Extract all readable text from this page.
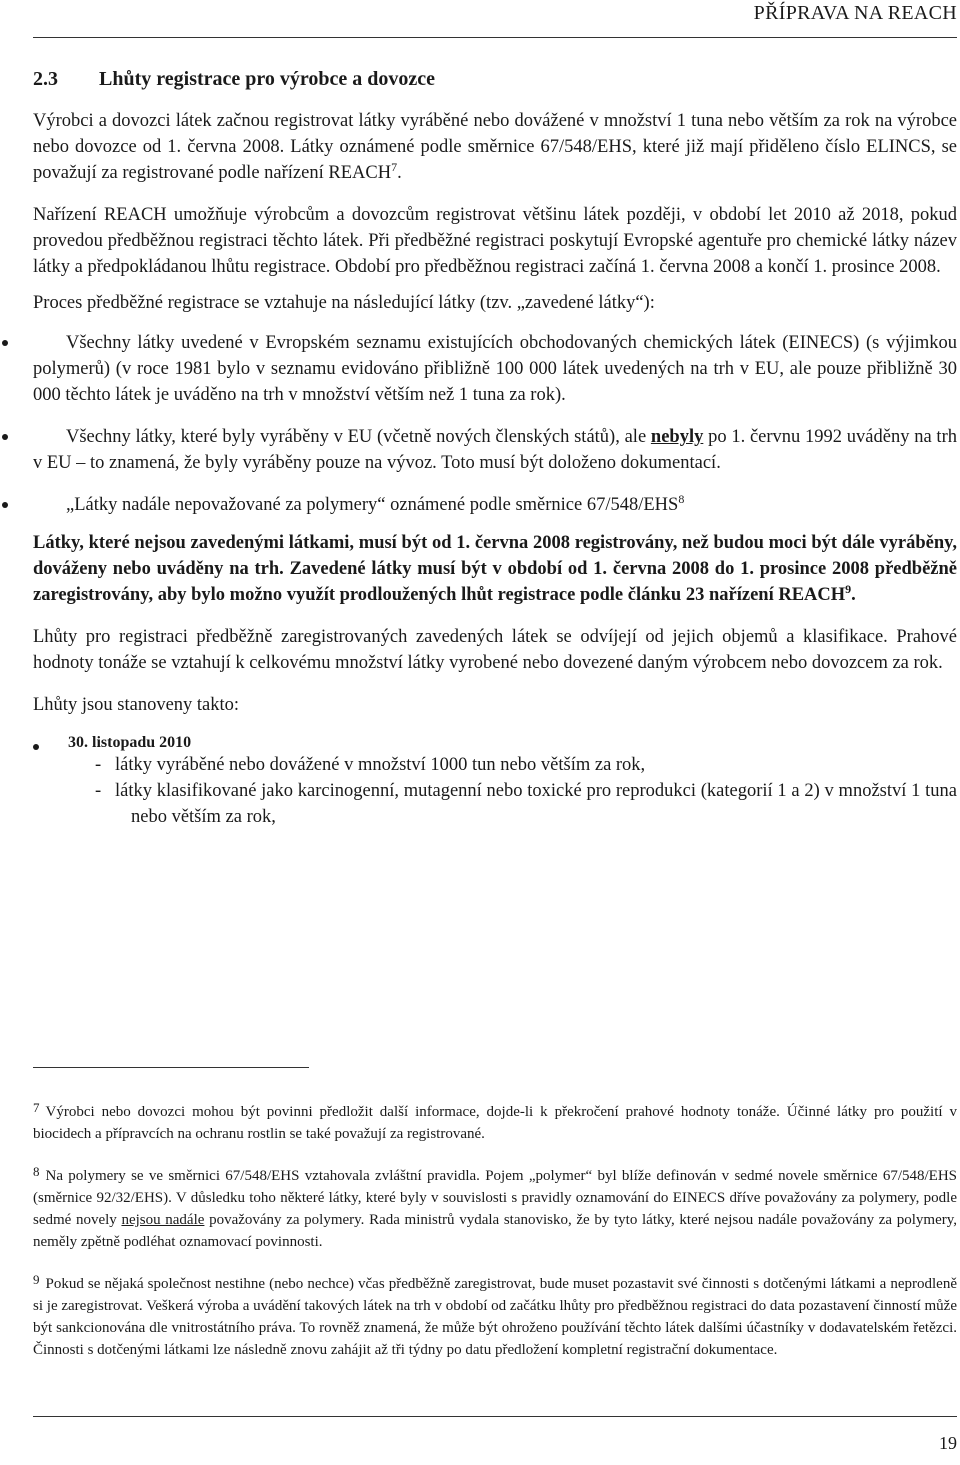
PŘÍPRAVA NA REACH
2.3 Lhůty registrace pro výrobce a dovozce

Výrobci a dovozci látek začnou registrovat látky vyráběné nebo dovážené v množství 1 tuna nebo větším za rok na výrobce nebo dovozce od 1. června 2008. Látky oznámené podle směrnice 67/548/EHS, které již mají přiděleno číslo ELINCS, se považují za registrované podle nařízení REACH$^7$.

Nařízení REACH umožňuje výrobcům a dovozcům registrovat většinu látek později, v období let 2010 až 2018, pokud provedou předběžnou registraci těchto látek. Při předběžné registraci poskytují Evropské agentuře pro chemické látky název látky a předpokládanou lhůtu registrace. Období pro předběžnou registraci začíná 1. června 2008 a končí 1. prosince 2008.

Proces předběžné registrace se vztahuje na následující látky (tzv. „zavedené látky“):

Všechny látky uvedené v Evropském seznamu existujících obchodovaných chemických látek (EINECS) (s výjimkou polymerů) (v roce 1981 bylo v seznamu evidováno přibližně 100 000 látek uvedených na trh v EU, ale pouze přibližně 30 000 těchto látek je uváděno na trh v množství větším než 1 tuna za rok).
Všechny látky, které byly vyráběny v EU (včetně nových členských států), ale nebyly po 1. červnu 1992 uváděny na trh v EU – to znamená, že byly vyráběny pouze na vývoz. Toto musí být doloženo dokumentací.
„Látky nadále nepovažované za polymery“ oznámené podle směrnice 67/548/EHS$^8$

Látky, které nejsou zavedenými látkami, musí být od 1. června 2008 registrovány, než budou moci být dále vyráběny, dováženy nebo uváděny na trh. Zavedené látky musí být v období od 1. června 2008 do 1. prosince 2008 předběžně zaregistrovány, aby bylo možno využít prodloužených lhůt registrace podle článku 23 nařízení REACH$^9$.

Lhůty pro registraci předběžně zaregistrovaných zavedených látek se odvíjejí od jejich objemů a klasifikace. Prahové hodnoty tonáže se vztahují k celkovému množství látky vyrobené nebo dovezené daným výrobcem nebo dovozcem za rok.

Lhůty jsou stanoveny takto:

30. listopadu 2010
- látky vyráběné nebo dovážené v množství 1000 tun nebo větším za rok,
- látky klasifikované jako karcinogenní, mutagenní nebo toxické pro reprodukci (kategorií 1 a 2) v množství 1 tuna nebo větším za rok,

7 Výrobci nebo dovozci mohou být povinni předložit další informace, dojde-li k překročení prahové hodnoty tonáže. Účinné látky pro použití v biocidech a přípravcích na ochranu rostlin se také považují za registrované.

8 Na polymery se ve směrnici 67/548/EHS vztahovala zvláštní pravidla. Pojem „polymer“ byl blíže definován v sedmé novele směrnice 67/548/EHS (směrnice 92/32/EHS). V důsledku toho některé látky, které byly v souvislosti s pravidly oznamování do EINECS dříve považovány za polymery, podle sedmé novely nejsou nadále považovány za polymery. Rada ministrů vydala stanovisko, že by tyto látky, které nejsou nadále považovány za polymery, neměly zpětně podléhat oznamovací povinnosti.

9 Pokud se nějaká společnost nestihne (nebo nechce) včas předběžně zaregistrovat, bude muset pozastavit své činnosti s dotčenými látkami a neprodleně si je zaregistrovat. Veškerá výroba a uvádění takových látek na trh v období od začátku lhůty pro předběžnou registraci do data pozastavení činností může být sankcionována dle vnitrostátního práva. To rovněž znamená, že může být ohroženo používání těchto látek dalšími účastníky v dodavatelském řetězci. Činnosti s dotčenými látkami lze následně znovu zahájit až tři týdny po datu předložení kompletní registrační dokumentace.

19
